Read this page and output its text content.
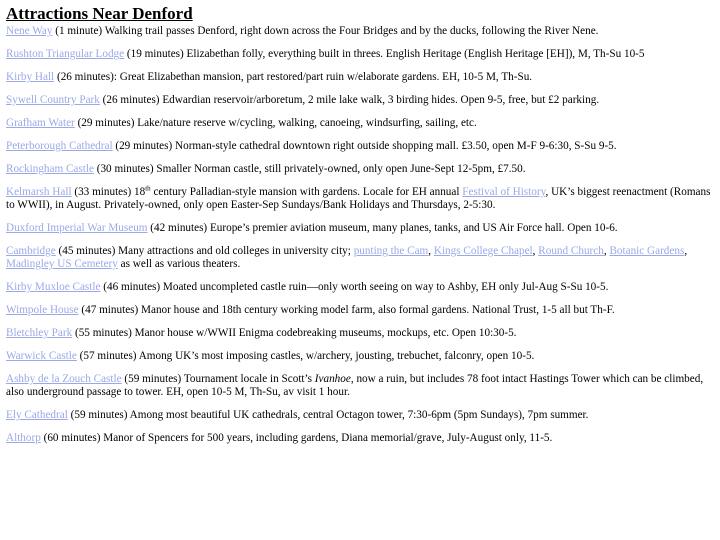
Attractions Near Denford

Nene Way (1 minute) Walking trail passes Denford, right down across the Four Bridges and by the ducks, following the River Nene.

Rushton Triangular Lodge (19 minutes) Elizabethan folly, everything built in threes. English Heritage (English Heritage [EH]), M, Th-Su 10-5

Kirby Hall (26 minutes): Great Elizabethan mansion, part restored/part ruin w/elaborate gardens. EH, 10-5 M, Th-Su.

Sywell Country Park (26 minutes) Edwardian reservoir/arboretum, 2 mile lake walk, 3 birding hides. Open 9-5, free, but £2 parking.

Grafham Water (29 minutes) Lake/nature reserve w/cycling, walking, canoeing, windsurfing, sailing, etc.

Peterborough Cathedral (29 minutes) Norman-style cathedral downtown right outside shopping mall. £3.50, open M-F 9-6:30, S-Su 9-5.

Rockingham Castle (30 minutes) Smaller Norman castle, still privately-owned, only open June-Sept 12-5pm, £7.50.

Kelmarsh Hall (33 minutes) 18th century Palladian-style mansion with gardens. Locale for EH annual Festival of History, UK’s biggest reenactment (Romans to WWII), in August. Privately-owned, only open Easter-Sep Sundays/Bank Holidays and Thursdays, 2-5:30.

Duxford Imperial War Museum (42 minutes) Europe’s premier aviation museum, many planes, tanks, and US Air Force hall. Open 10-6.

Cambridge (45 minutes) Many attractions and old colleges in university city; punting the Cam, Kings College Chapel, Round Church, Botanic Gardens, Madingley US Cemetery as well as various theaters.

Kirby Muxloe Castle (46 minutes) Moated uncompleted castle ruin—only worth seeing on way to Ashby, EH only Jul-Aug S-Su 10-5.

Wimpole House (47 minutes) Manor house and 18th century working model farm, also formal gardens. National Trust, 1-5 all but Th-F.

Bletchley Park (55 minutes) Manor house w/WWII Enigma codebreaking museums, mockups, etc. Open 10:30-5.

Warwick Castle (57 minutes) Among UK’s most imposing castles, w/archery, jousting, trebuchet, falconry, open 10-5.

Ashby de la Zouch Castle (59 minutes) Tournament locale in Scott’s Ivanhoe, now a ruin, but includes 78 foot intact Hastings Tower which can be climbed, also underground passage to tower. EH, open 10-5 M, Th-Su, av visit 1 hour.

Ely Cathedral (59 minutes) Among most beautiful UK cathedrals, central Octagon tower, 7:30-6pm (5pm Sundays), 7pm summer.

Althorp (60 minutes) Manor of Spencers for 500 years, including gardens, Diana memorial/grave, July-August only, 11-5.
